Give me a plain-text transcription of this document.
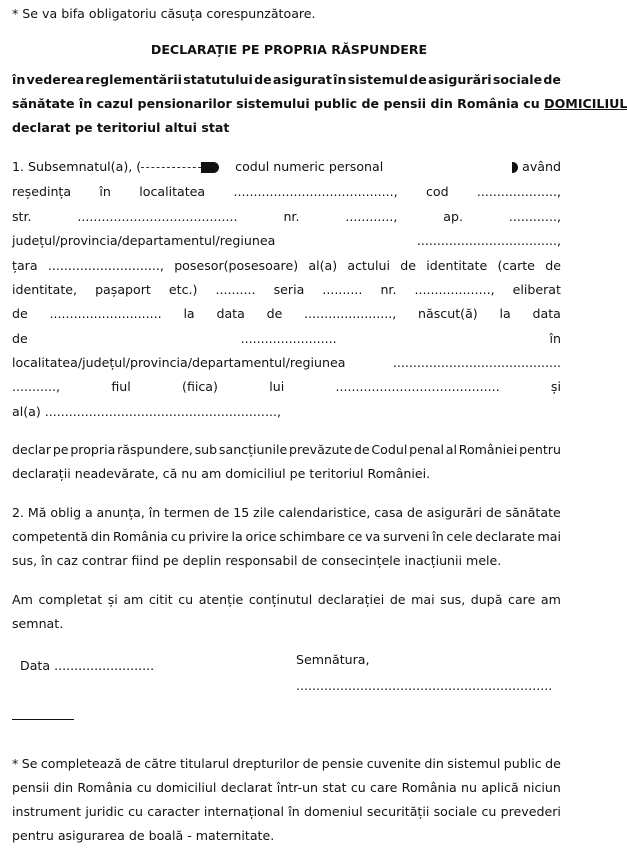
* Se va bifa obligatoriu căsuța corespunzătoare.
DECLARAȚIE PE PROPRIA RĂSPUNDERE
în vederea reglementării statutului de asigurat în sistemul de asigurări sociale de
sănătate în cazul pensionarilor sistemului public de pensii din România cu DOMICILIUL
declarat pe teritoriul altui stat
1. Subsemnatul(a), (	codul numeric personal	având
reședința în localitatea ........................................, cod ....................,
str.	........................................	nr.	............,	ap.	............,
județul/provincia/departamentul/regiunea	...................................,
țara ............................, posesor(posesoare) al(a) actului de identitate (carte de
identitate, pașaport etc.) .......... seria .......... nr. ..................., eliberat
de ............................ la data de ......................, născut(ă) la data
de	........................	în
localitatea/județul/provincia/departamentul/regiunea	..........................................
...........,	fiul	(fiica)	lui	.........................................	și
al(a) ..........................................................,
declar pe propria răspundere, sub sancțiunile prevăzute de Codul penal al României pentru
declarații neadevărate, că nu am domiciliul pe teritoriul României.
2. Mă oblig a anunța, în termen de 15 zile calendaristice, casa de asigurări de sănătate
competentă din România cu privire la orice schimbare ce va surveni în cele declarate mai
sus, în caz contrar fiind pe deplin responsabil de consecințele inacțiunii mele.
Am completat și am citit cu atenție conținutul declarației de mai sus, după care am
semnat.
Data .........................	Semnătura,
................................................................
* Se completează de către titularul drepturilor de pensie cuvenite din sistemul public de
pensii din România cu domiciliul declarat într-un stat cu care România nu aplică niciun
instrument juridic cu caracter internațional în domeniul securității sociale cu prevederi
pentru asigurarea de boală - maternitate.
